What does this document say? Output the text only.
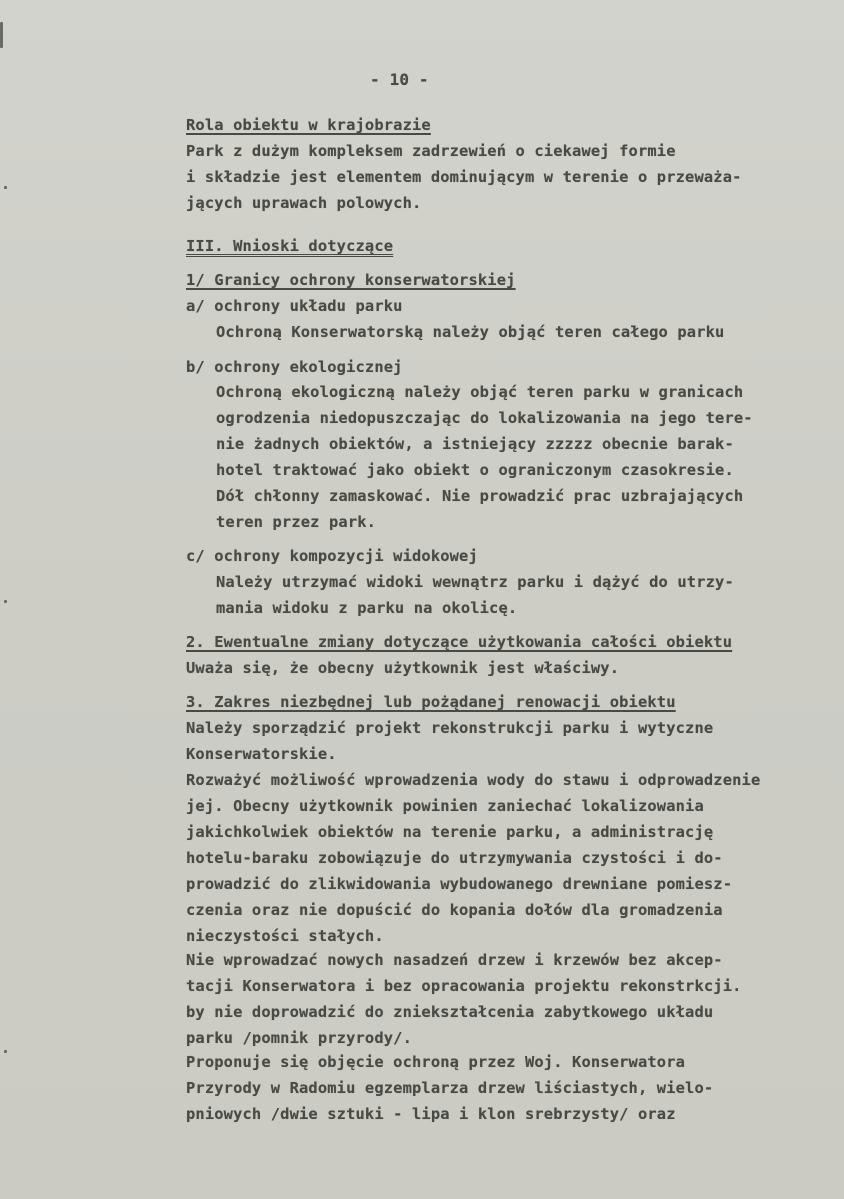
- 10 -
Rola obiektu w krajobrazie
Park z dużym kompleksem zadrzewień o ciekawej formie
i składzie jest elementem dominującym w terenie o przeważa-
jących uprawach polowych.
III. Wnioski dotyczące
1/ Granicy ochrony konserwatorskiej
a/ ochrony układu parku
Ochroną Konserwatorską należy objąć teren całego parku
b/ ochrony ekologicznej
Ochroną ekologiczną należy objąć teren parku w granicach
ogrodzenia niedopuszczając do lokalizowania na jego tere-
nie żadnych obiektów, a istniejący zzzzz obecnie barak-
hotel traktować jako obiekt o ograniczonym czasokresie.
Dół chłonny zamaskować. Nie prowadzić prac uzbrajających
teren przez park.
c/ ochrony kompozycji widokowej
Należy utrzymać widoki wewnątrz parku i dążyć do utrzy-
mania widoku z parku na okolicę.
2. Ewentualne zmiany dotyczące użytkowania całości obiektu
Uważa się, że obecny użytkownik jest właściwy.
3. Zakres niezbędnej lub pożądanej renowacji obiektu
Należy sporządzić projekt rekonstrukcji parku i wytyczne
Konserwatorskie.
Rozważyć możliwość wprowadzenia wody do stawu i odprowadzenie
jej. Obecny użytkownik powinien zaniechać lokalizowania
jakichkolwiek obiektów na terenie parku, a administrację
hotelu-baraku zobowiązuje do utrzymywania czystości i do-
prowadzić do zlikwidowania wybudowanego drewniane pomiesz-
czenia oraz nie dopuścić do kopania dołów dla gromadzenia
nieczystości stałych.
Nie wprowadzać nowych nasadzeń drzew i krzewów bez akcep-
tacji Konserwatora i bez opracowania projektu rekonstrkcji.
by nie doprowadzić do zniekształcenia zabytkowego układu
parku /pomnik przyrody/.
Proponuje się objęcie ochroną przez Woj. Konserwatora
Przyrody w Radomiu egzemplarza drzew liściastych, wielo-
pniowych /dwie sztuki - lipa i klon srebrzysty/ oraz
